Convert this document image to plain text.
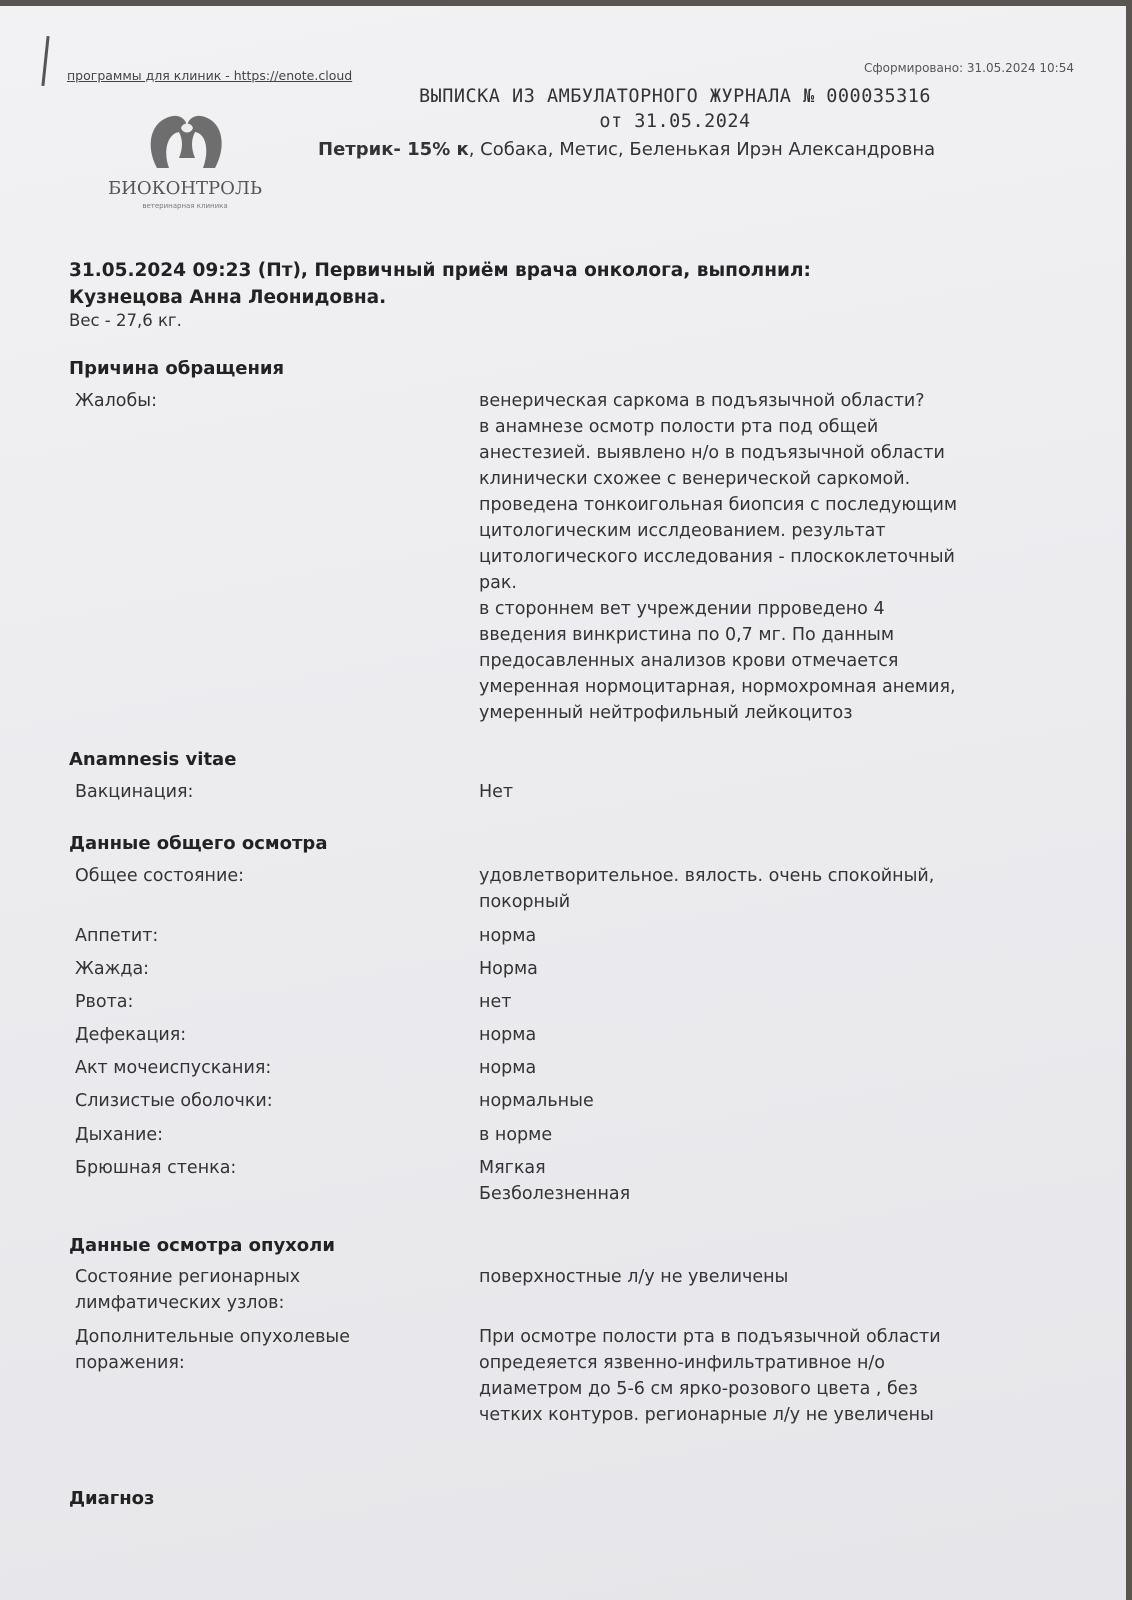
программы для клиник - https://enote.cloud	Сформировано: 31.05.2024 10:54
БИОКОНТРОЛЬ
ветеринарная клиника
ВЫПИСКА ИЗ АМБУЛАТОРНОГО ЖУРНАЛА № 000035316
от 31.05.2024
Петрик- 15% к, Собака, Метис, Беленькая Ирэн Александровна
31.05.2024 09:23 (Пт), Первичный приём врача онколога, выполнил:
Кузнецова Анна Леонидовна.
Вес - 27,6 кг.
Причина обращения
Жалобы:	венерическая саркома в подъязычной области?
в анамнезе осмотр полости рта под общей
анестезией. выявлено н/о в подъязычной области
клинически схожее с венерической саркомой.
проведена тонкоигольная биопсия с последующим
цитологическим исслдеованием. результат
цитологического исследования - плоскоклеточный
рак.
в стороннем вет учреждении прроведено 4
введения винкристина по 0,7 мг. По данным
предосавленных анализов крови отмечается
умеренная нормоцитарная, нормохромная анемия,
умеренный нейтрофильный лейкоцитоз
Anamnesis vitae
Вакцинация:	Нет
Данные общего осмотра
Общее состояние:	удовлетворительное. вялость. очень спокойный,
покорный
Аппетит:	норма
Жажда:	Норма
Рвота:	нет
Дефекация:	норма
Акт мочеиспускания:	норма
Слизистые оболочки:	нормальные
Дыхание:	в норме
Брюшная стенка:	Мягкая
Безболезненная
Данные осмотра опухоли
Состояние регионарных
лимфатических узлов:
поверхностные л/у не увеличены
Дополнительные опухолевые
поражения:
При осмотре полости рта в подъязычной области
опредеяется язвенно-инфильтративное н/о
диаметром до 5-6 см ярко-розового цвета , без
четких контуров. регионарные л/у не увеличены
Диагноз
